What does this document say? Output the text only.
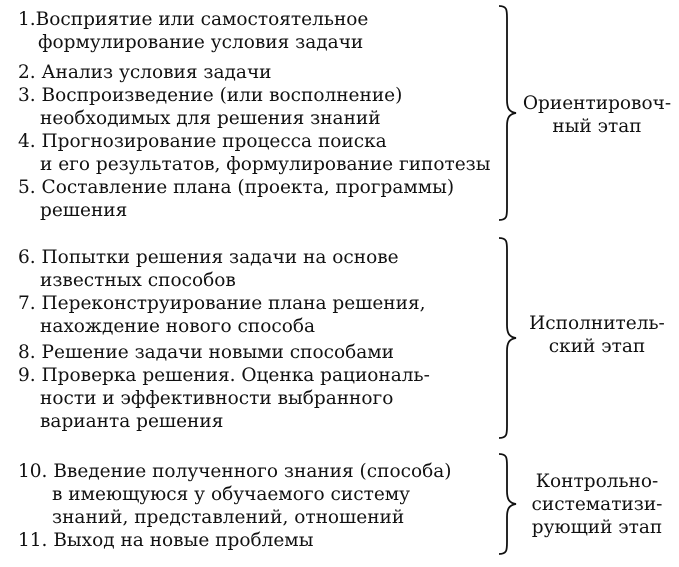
1.Восприятие или самостоятельное
формулирование условия задачи
2. Анализ условия задачи
3. Воспроизведение (или восполнение)
необходимых для решения знаний
4. Прогнозирование процесса поиска
и его результатов, формулирование гипотезы
5. Составление плана (проекта, программы)
решения
Ориентировоч-
ный этап
6. Попытки решения задачи на основе
известных способов
7. Переконструирование плана решения,
нахождение нового способа
8. Решение задачи новыми способами
9. Проверка решения. Оценка рациональ-
ности и эффективности выбранного
варианта решения
Исполнитель-
ский этап
10. Введение полученного знания (способа)
в имеющуюся у обучаемого систему
знаний, представлений, отношений
11. Выход на новые проблемы
Контрольно-
систематизи-
рующий этап
